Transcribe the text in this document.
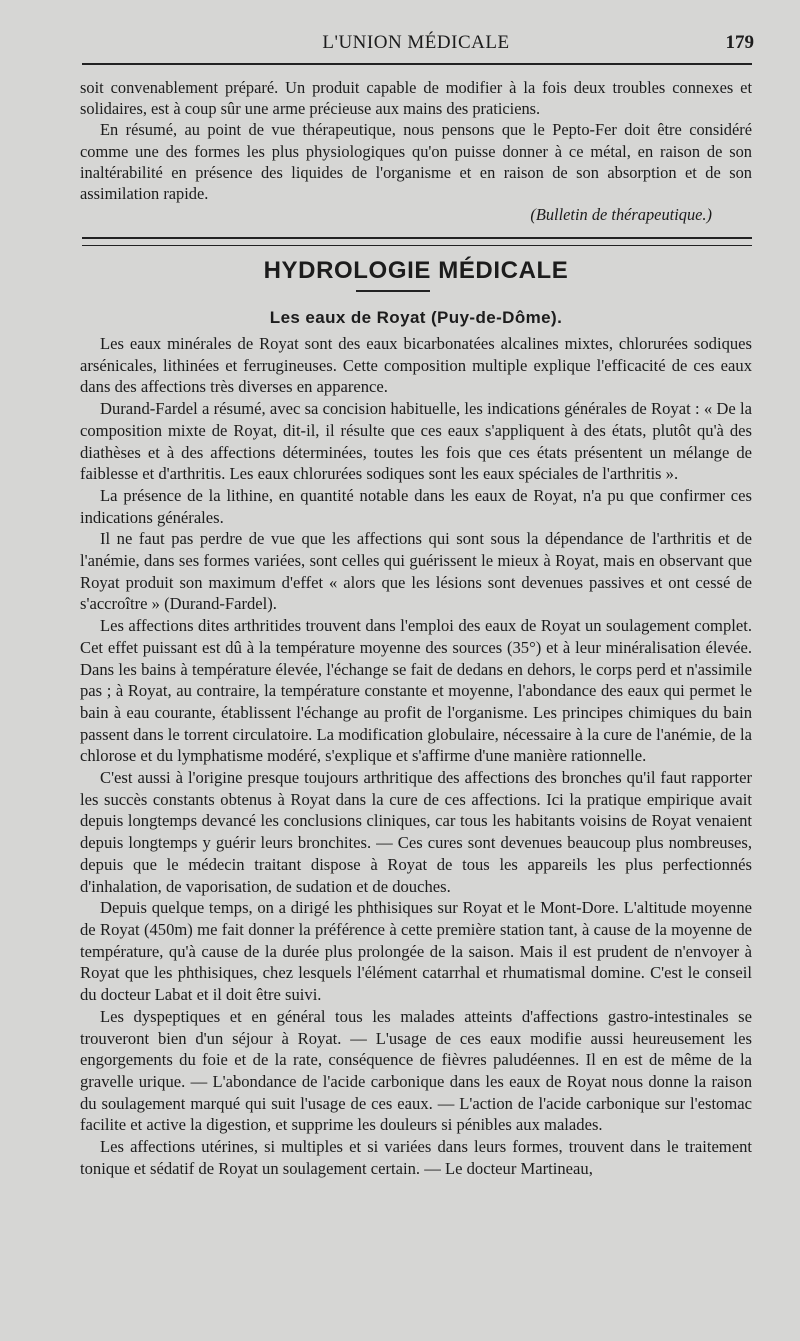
L'UNION MÉDICALE	179

soit convenablement préparé. Un produit capable de modifier à la fois deux troubles connexes et solidaires, est à coup sûr une arme précieuse aux mains des praticiens.

En résumé, au point de vue thérapeutique, nous pensons que le Pepto-Fer doit être considéré comme une des formes les plus physiologiques qu'on puisse donner à ce métal, en raison de son inaltérabilité en présence des liquides de l'organisme et en raison de son absorption et de son assimilation rapide.

(Bulletin de thérapeutique.)
HYDROLOGIE MÉDICALE
Les eaux de Royat (Puy-de-Dôme).

Les eaux minérales de Royat sont des eaux bicarbonatées alcalines mixtes, chlorurées sodiques arsénicales, lithinées et ferrugineuses. Cette composition multiple explique l'efficacité de ces eaux dans des affections très diverses en apparence.

Durand-Fardel a résumé, avec sa concision habituelle, les indications générales de Royat : « De la composition mixte de Royat, dit-il, il résulte que ces eaux s'appliquent à des états, plutôt qu'à des diathèses et à des affections déterminées, toutes les fois que ces états présentent un mélange de faiblesse et d'arthritis. Les eaux chlorurées sodiques sont les eaux spéciales de l'arthritis ».

La présence de la lithine, en quantité notable dans les eaux de Royat, n'a pu que confirmer ces indications générales.

Il ne faut pas perdre de vue que les affections qui sont sous la dépendance de l'arthritis et de l'anémie, dans ses formes variées, sont celles qui guérissent le mieux à Royat, mais en observant que Royat produit son maximum d'effet « alors que les lésions sont devenues passives et ont cessé de s'accroître » (Durand-Fardel).

Les affections dites arthritides trouvent dans l'emploi des eaux de Royat un soulagement complet. Cet effet puissant est dû à la température moyenne des sources (35°) et à leur minéralisation élevée. Dans les bains à température élevée, l'échange se fait de dedans en dehors, le corps perd et n'assimile pas ; à Royat, au contraire, la température constante et moyenne, l'abondance des eaux qui permet le bain à eau courante, établissent l'échange au profit de l'organisme. Les principes chimiques du bain passent dans le torrent circulatoire. La modification globulaire, nécessaire à la cure de l'anémie, de la chlorose et du lymphatisme modéré, s'explique et s'affirme d'une manière rationnelle.

C'est aussi à l'origine presque toujours arthritique des affections des bronches qu'il faut rapporter les succès constants obtenus à Royat dans la cure de ces affections. Ici la pratique empirique avait depuis longtemps devancé les conclusions cliniques, car tous les habitants voisins de Royat venaient depuis longtemps y guérir leurs bronchites. — Ces cures sont devenues beaucoup plus nombreuses, depuis que le médecin traitant dispose à Royat de tous les appareils les plus perfectionnés d'inhalation, de vaporisation, de sudation et de douches.

Depuis quelque temps, on a dirigé les phthisiques sur Royat et le Mont-Dore. L'altitude moyenne de Royat (450m) me fait donner la préférence à cette première station tant, à cause de la moyenne de température, qu'à cause de la durée plus prolongée de la saison. Mais il est prudent de n'envoyer à Royat que les phthisiques, chez lesquels l'élément catarrhal et rhumatismal domine. C'est le conseil du docteur Labat et il doit être suivi.

Les dyspeptiques et en général tous les malades atteints d'affections gastro-intestinales se trouveront bien d'un séjour à Royat. — L'usage de ces eaux modifie aussi heureusement les engorgements du foie et de la rate, conséquence de fièvres paludéennes. Il en est de même de la gravelle urique. — L'abondance de l'acide carbonique dans les eaux de Royat nous donne la raison du soulagement marqué qui suit l'usage de ces eaux. — L'action de l'acide carbonique sur l'estomac facilite et active la digestion, et supprime les douleurs si pénibles aux malades.

Les affections utérines, si multiples et si variées dans leurs formes, trouvent dans le traitement tonique et sédatif de Royat un soulagement certain. — Le docteur Martineau,
